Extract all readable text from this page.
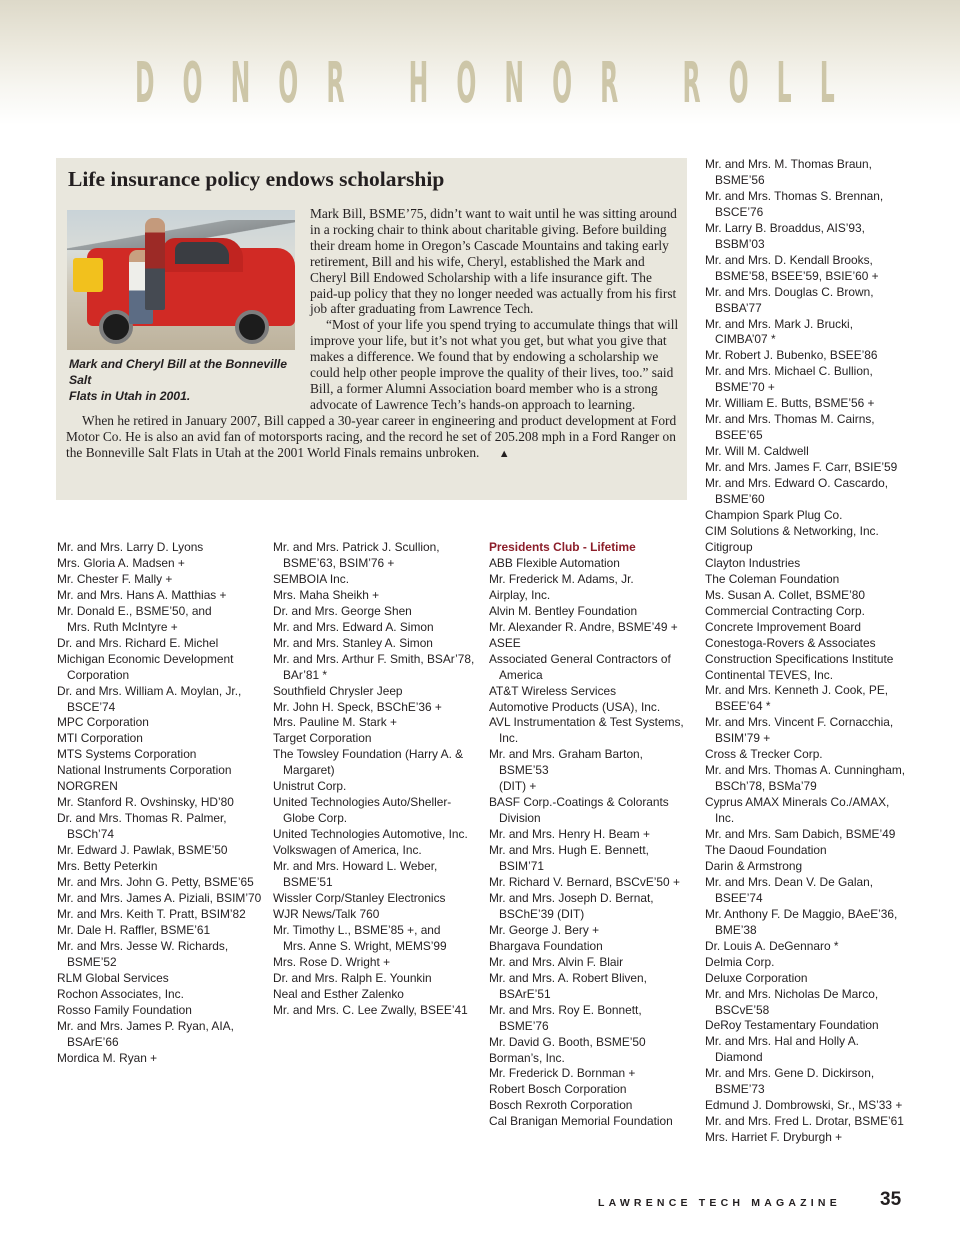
D O N O R
H O N O R
R O L L
Life insurance policy endows scholarship

Mark Bill, BSME’75, didn’t want to wait until he was sitting around in a rocking chair to think about charitable giving. Before building their dream home in Oregon’s Cascade Mountains and taking early retirement, Bill and his wife, Cheryl, established the Mark and Cheryl Bill Endowed Scholarship with a life insurance gift. The paid-up policy that they no longer needed was actually from his first job after graduating from Lawrence Tech.

“Most of your life you spend trying to accumulate things that will improve your life, but it’s not what you get, but what you give that makes a difference. We found that by endowing a scholarship we could help other people improve the quality of their lives, too.” said Bill, a former Alumni Association board member who is a strong advocate of Lawrence Tech’s hands-on approach to learning.

When he retired in January 2007, Bill capped a 30-year career in engineering and product development at Ford Motor Co. He is also an avid fan of motorsports racing, and the record he set of 205.208 mph in a Ford Ranger on the Bonneville Salt Flats in Utah at the 2001 World Finals remains unbroken. ▲

Mark and Cheryl Bill at the Bonneville Salt
Flats in Utah in 2001.

Mr. and Mrs. Larry D. Lyons
Mrs. Gloria A. Madsen +
Mr. Chester F. Mally +
Mr. and Mrs. Hans A. Matthias +
Mr. Donald E., BSME’50, and
Mrs. Ruth McIntyre +
Dr. and Mrs. Richard E. Michel
Michigan Economic Development
Corporation
Dr. and Mrs. William A. Moylan, Jr.,
BSCE’74
MPC Corporation
MTI Corporation
MTS Systems Corporation
National Instruments Corporation
NORGREN
Mr. Stanford R. Ovshinsky, HD’80
Dr. and Mrs. Thomas R. Palmer,
BSCh’74
Mr. Edward J. Pawlak, BSME’50
Mrs. Betty Peterkin
Mr. and Mrs. John G. Petty, BSME’65
Mr. and Mrs. James A. Piziali, BSIM’70
Mr. and Mrs. Keith T. Pratt, BSIM’82
Mr. Dale H. Raffler, BSME’61
Mr. and Mrs. Jesse W. Richards,
BSME’52
RLM Global Services
Rochon Associates, Inc.
Rosso Family Foundation
Mr. and Mrs. James P. Ryan, AIA,
BSArE’66
Mordica M. Ryan +
Mr. and Mrs. Patrick J. Scullion,
BSME’63, BSIM’76 +
SEMBOIA Inc.
Mrs. Maha Sheikh +
Dr. and Mrs. George Shen
Mr. and Mrs. Edward A. Simon
Mr. and Mrs. Stanley A. Simon
Mr. and Mrs. Arthur F. Smith, BSAr’78,
BAr’81 *
Southfield Chrysler Jeep
Mr. John H. Speck, BSChE’36 +
Mrs. Pauline M. Stark +
Target Corporation
The Towsley Foundation (Harry A. &
Margaret)
Unistrut Corp.
United Technologies Auto/Sheller-
Globe Corp.
United Technologies Automotive, Inc.
Volkswagen of America, Inc.
Mr. and Mrs. Howard L. Weber,
BSME’51
Wissler Corp/Stanley Electronics
WJR News/Talk 760
Mr. Timothy L., BSME’85 +, and
Mrs. Anne S. Wright, MEMS’99
Mrs. Rose D. Wright +
Dr. and Mrs. Ralph E. Younkin
Neal and Esther Zalenko
Mr. and Mrs. C. Lee Zwally, BSEE’41
Presidents Club - Lifetime
ABB Flexible Automation
Mr. Frederick M. Adams, Jr.
Airplay, Inc.
Alvin M. Bentley Foundation
Mr. Alexander R. Andre, BSME’49 +
ASEE
Associated General Contractors of
America
AT&T Wireless Services
Automotive Products (USA), Inc.
AVL Instrumentation & Test Systems,
Inc.
Mr. and Mrs. Graham Barton, BSME’53
(DIT) +
BASF Corp.-Coatings & Colorants
Division
Mr. and Mrs. Henry H. Beam +
Mr. and Mrs. Hugh E. Bennett,
BSIM’71
Mr. Richard V. Bernard, BSCvE’50 +
Mr. and Mrs. Joseph D. Bernat,
BSChE’39 (DIT)
Mr. George J. Bery +
Bhargava Foundation
Mr. and Mrs. Alvin F. Blair
Mr. and Mrs. A. Robert Bliven,
BSArE’51
Mr. and Mrs. Roy E. Bonnett, BSME’76
Mr. David G. Booth, BSME’50
Borman’s, Inc.
Mr. Frederick D. Bornman +
Robert Bosch Corporation
Bosch Rexroth Corporation
Cal Branigan Memorial Foundation
Mr. and Mrs. M. Thomas Braun,
BSME’56
Mr. and Mrs. Thomas S. Brennan,
BSCE’76
Mr. Larry B. Broaddus, AIS’93,
BSBM’03
Mr. and Mrs. D. Kendall Brooks,
BSME’58, BSEE’59, BSIE’60 +
Mr. and Mrs. Douglas C. Brown,
BSBA’77
Mr. and Mrs. Mark J. Brucki,
CIMBA’07 *
Mr. Robert J. Bubenko, BSEE’86
Mr. and Mrs. Michael C. Bullion,
BSME’70 +
Mr. William E. Butts, BSME’56 +
Mr. and Mrs. Thomas M. Cairns,
BSEE’65
Mr. Will M. Caldwell
Mr. and Mrs. James F. Carr, BSIE’59
Mr. and Mrs. Edward O. Cascardo,
BSME’60
Champion Spark Plug Co.
CIM Solutions & Networking, Inc.
Citigroup
Clayton Industries
The Coleman Foundation
Ms. Susan A. Collet, BSME’80
Commercial Contracting Corp.
Concrete Improvement Board
Conestoga-Rovers & Associates
Construction Specifications Institute
Continental TEVES, Inc.
Mr. and Mrs. Kenneth J. Cook, PE,
BSEE’64 *
Mr. and Mrs. Vincent F. Cornacchia,
BSIM’79 +
Cross & Trecker Corp.
Mr. and Mrs. Thomas A. Cunningham,
BSCh’78, BSMa’79
Cyprus AMAX Minerals Co./AMAX, Inc.
Mr. and Mrs. Sam Dabich, BSME’49
The Daoud Foundation
Darin & Armstrong
Mr. and Mrs. Dean V. De Galan,
BSEE’74
Mr. Anthony F. De Maggio, BAeE’36,
BME’38
Dr. Louis A. DeGennaro *
Delmia Corp.
Deluxe Corporation
Mr. and Mrs. Nicholas De Marco,
BSCvE’58
DeRoy Testamentary Foundation
Mr. and Mrs. Hal and Holly A.
Diamond
Mr. and Mrs. Gene D. Dickirson,
BSME’73
Edmund J. Dombrowski, Sr., MS’33 +
Mr. and Mrs. Fred L. Drotar, BSME’61
Mrs. Harriet F. Dryburgh +
LAWRENCE TECH MAGAZINE 35
